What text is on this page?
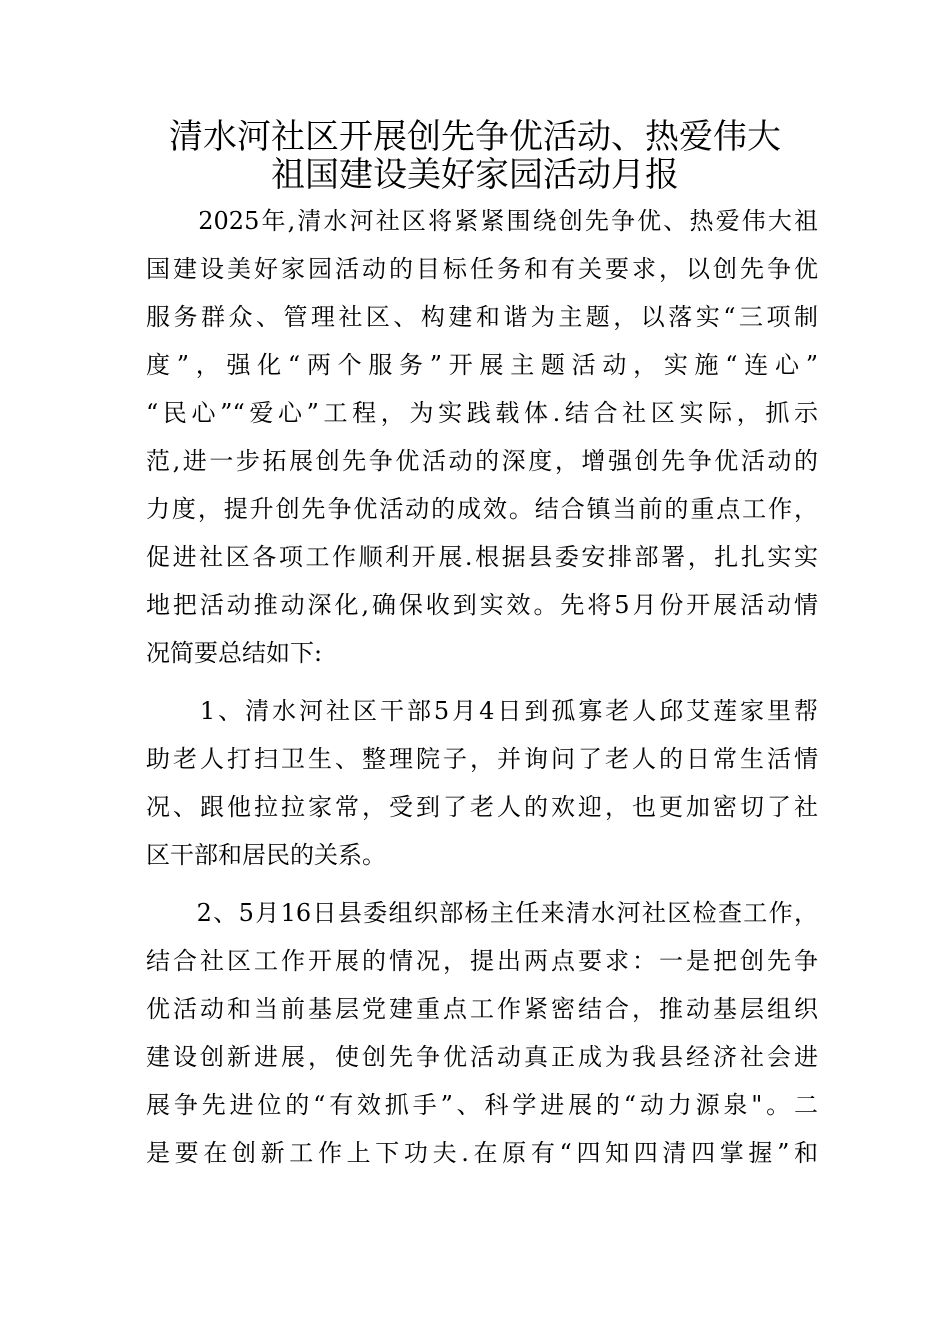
清水河社区开展创先争优活动、热爱伟大
祖国建设美好家园活动月报
　　2025年,清水河社区将紧紧围绕创先争优、热爱伟大祖
国建设美好家园活动的目标任务和有关要求，以创先争优
服务群众、管理社区、构建和谐为主题，以落实“三项制
度”，强化“两个服务”开展主题活动，实施“连心”
“民心”“爱心”工程，为实践载体.结合社区实际，抓示
范,进一步拓展创先争优活动的深度，增强创先争优活动的
力度，提升创先争优活动的成效。结合镇当前的重点工作，
促进社区各项工作顺利开展.根据县委安排部署，扎扎实实
地把活动推动深化,确保收到实效。先将5月份开展活动情
况简要总结如下:
　　1、清水河社区干部5月4日到孤寡老人邱艾莲家里帮
助老人打扫卫生、整理院子，并询问了老人的日常生活情
况、跟他拉拉家常，受到了老人的欢迎，也更加密切了社
区干部和居民的关系。
　　2、5月16日县委组织部杨主任来清水河社区检查工作，
结合社区工作开展的情况，提出两点要求：一是把创先争
优活动和当前基层党建重点工作紧密结合，推动基层组织
建设创新进展，使创先争优活动真正成为我县经济社会进
展争先进位的“有效抓手”、科学进展的“动力源泉"。二
是要在创新工作上下功夫.在原有“四知四清四掌握”和
